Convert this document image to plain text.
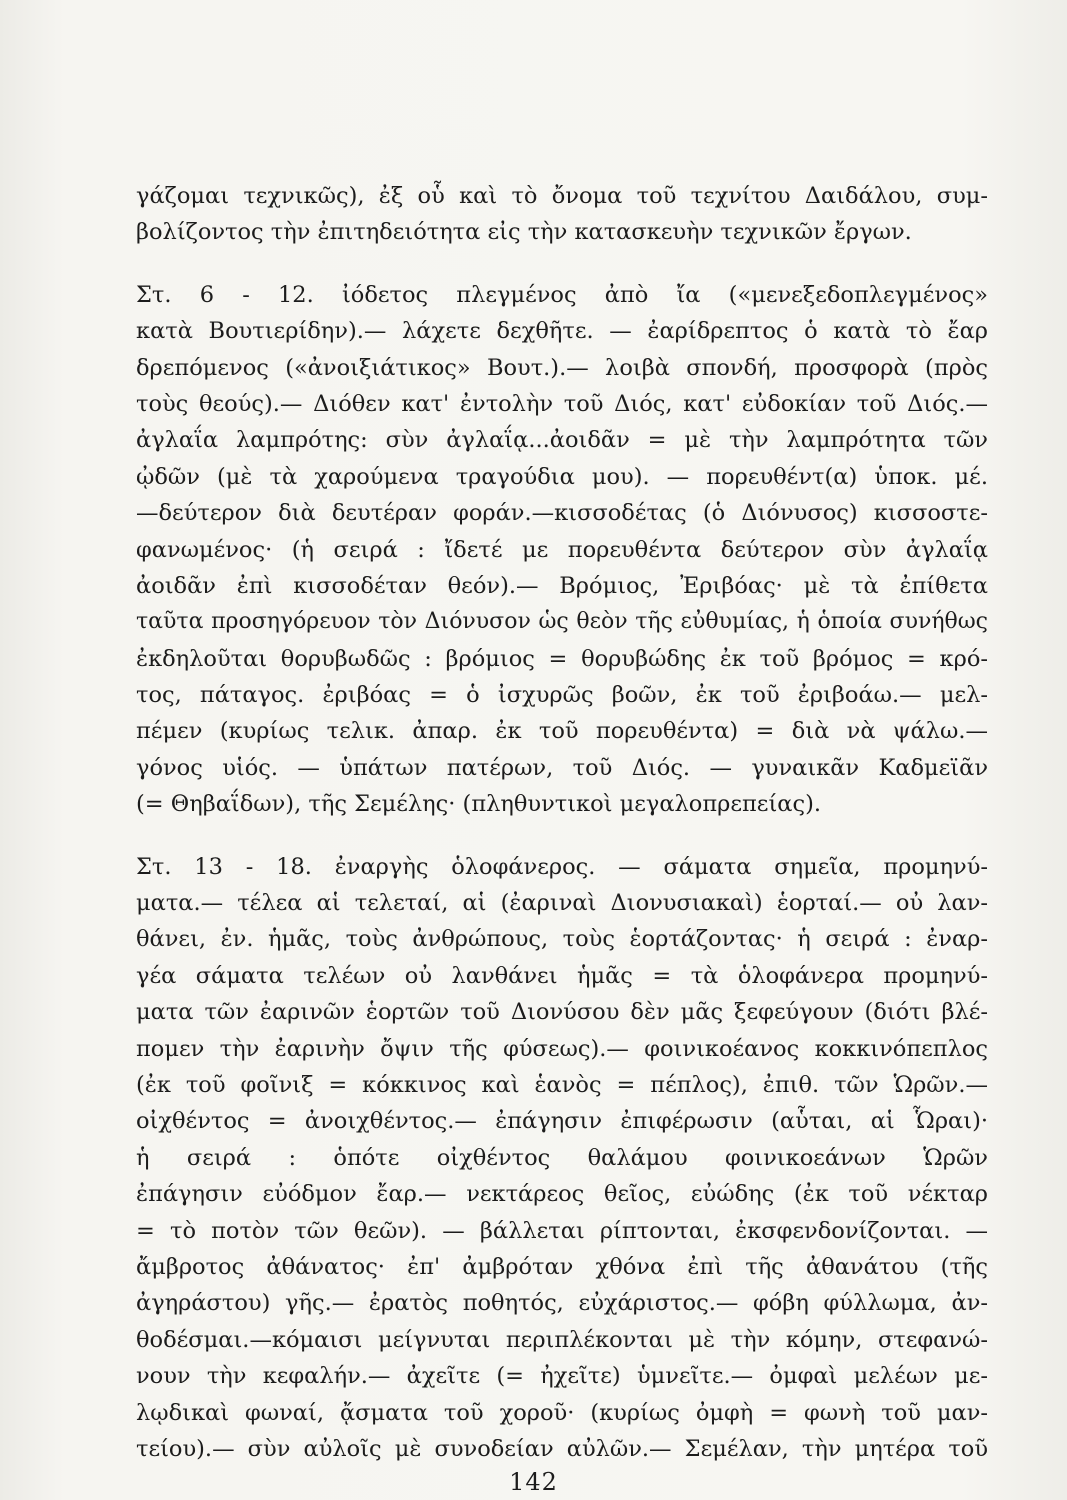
γάζομαι τεχνικῶς), ἐξ οὗ καὶ τὸ ὄνομα τοῦ τεχνίτου Δαιδάλου, συμ-
βολίζοντος τὴν ἐπιτηδειότητα εἰς τὴν κατασκευὴν τεχνικῶν ἔργων.
Στ. 6 - 12. ἰόδετος πλεγμένος ἀπὸ ἴα («μενεξεδοπλεγμένος»
κατὰ Βουτιερίδην).— λάχετε δεχθῆτε. — ἐαρίδρεπτος ὁ κατὰ τὸ ἔαρ
δρεπόμενος («ἀνοιξιάτικος» Βουτ.).— λοιβὰ σπονδή, προσφορὰ (πρὸς
τοὺς θεούς).— Διόθεν κατ' ἐντολὴν τοῦ Διός, κατ' εὐδοκίαν τοῦ Διός.—
ἀγλαΐα λαμπρότης: σὺν ἀγλαΐᾳ...ἀοιδᾶν = μὲ τὴν λαμπρότητα τῶν
ᾠδῶν (μὲ τὰ χαρούμενα τραγούδια μου). — πορευθέντ(α) ὑποκ. μέ.
—δεύτερον διὰ δευτέραν φοράν.—κισσοδέτας (ὁ Διόνυσος) κισσοστε-
φανωμένος· (ἡ σειρά : ἴδετέ με πορευθέντα δεύτερον σὺν ἀγλαΐᾳ
ἀοιδᾶν ἐπὶ κισσοδέταν θεόν).— Βρόμιος, Ἐριβόας· μὲ τὰ ἐπίθετα
ταῦτα προσηγόρευον τὸν Διόνυσον ὡς θεὸν τῆς εὐθυμίας, ἡ ὁποία συνήθως
ἐκδηλοῦται θορυβωδῶς : βρόμιος = θορυβώδης ἐκ τοῦ βρόμος = κρό-
τος, πάταγος. ἐριβόας = ὁ ἰσχυρῶς βοῶν, ἐκ τοῦ ἐριβοάω.— μελ-
πέμεν (κυρίως τελικ. ἀπαρ. ἐκ τοῦ πορευθέντα) = διὰ νὰ ψάλω.—
γόνος υἱός. — ὑπάτων πατέρων, τοῦ Διός. — γυναικᾶν Καδμεϊᾶν
(= Θηβαΐδων), τῆς Σεμέλης· (πληθυντικοὶ μεγαλοπρεπείας).
Στ. 13 - 18. ἐναργὴς ὁλοφάνερος. — σάματα σημεῖα, προμηνύ-
ματα.— τέλεα αἱ τελεταί, αἱ (ἐαριναὶ Διονυσιακαὶ) ἑορταί.— οὐ λαν-
θάνει, ἐν. ἡμᾶς, τοὺς ἀνθρώπους, τοὺς ἑορτάζοντας· ἡ σειρά : ἐναρ-
γέα σάματα τελέων οὐ λανθάνει ἡμᾶς = τὰ ὁλοφάνερα προμηνύ-
ματα τῶν ἐαρινῶν ἑορτῶν τοῦ Διονύσου δὲν μᾶς ξεφεύγουν (διότι βλέ-
πομεν τὴν ἐαρινὴν ὄψιν τῆς φύσεως).— φοινικοέανος κοκκινόπεπλος
(ἐκ τοῦ φοῖνιξ = κόκκινος καὶ ἑανὸς = πέπλος), ἐπιθ. τῶν Ὡρῶν.—
οἰχθέντος = ἀνοιχθέντος.— ἐπάγησιν ἐπιφέρωσιν (αὗται, αἱ Ὧραι)·
ἡ σειρά : ὁπότε οἰχθέντος θαλάμου φοινικοεάνων Ὡρῶν
ἐπάγησιν εὐόδμον ἔαρ.— νεκτάρεος θεῖος, εὐώδης (ἐκ τοῦ νέκταρ
= τὸ ποτὸν τῶν θεῶν). — βάλλεται ρίπτονται, ἐκσφενδονίζονται. —
ἄμβροτος ἀθάνατος· ἐπ' ἀμβρόταν χθόνα ἐπὶ τῆς ἀθανάτου (τῆς
ἀγηράστου) γῆς.— ἐρατὸς ποθητός, εὐχάριστος.— φόβη φύλλωμα, ἀν-
θοδέσμαι.—κόμαισι μείγνυται περιπλέκονται μὲ τὴν κόμην, στεφανώ-
νουν τὴν κεφαλήν.— ἀχεῖτε (= ἠχεῖτε) ὑμνεῖτε.— ὀμφαὶ μελέων με-
λῳδικαὶ φωναί, ᾄσματα τοῦ χοροῦ· (κυρίως ὀμφὴ = φωνὴ τοῦ μαν-
τείου).— σὺν αὐλοῖς μὲ συνοδείαν αὐλῶν.— Σεμέλαν, τὴν μητέρα τοῦ
142
